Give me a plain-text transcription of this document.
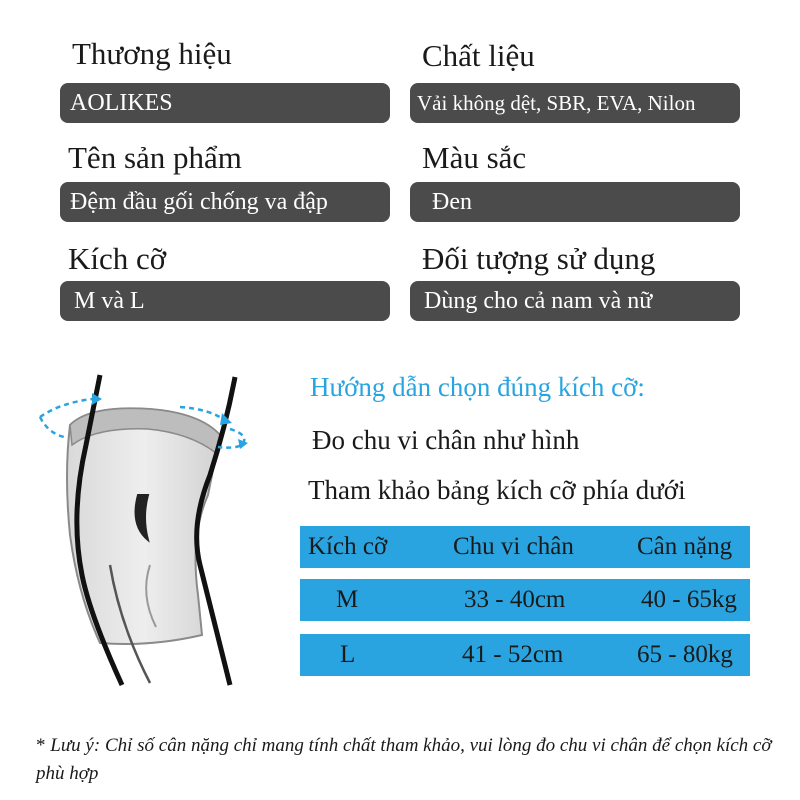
Thương hiệu
AOLIKES
Chất liệu
Vải không dệt, SBR, EVA, Nilon
Tên sản phẩm
Đệm đầu gối chống va đập
Màu sắc
Đen
Kích cỡ
M và L
Đối tượng sử dụng
Dùng cho cả nam và nữ
Hướng dẫn chọn đúng kích cỡ:
Đo chu vi chân như hình
Tham khảo bảng kích cỡ phía dưới
Kích cỡ	Chu vi chân	Cân nặng
M	33 - 40cm	40 - 65kg
L	41 - 52cm	65 - 80kg
* Lưu ý: Chỉ số cân nặng chỉ mang tính chất tham khảo, vui lòng đo chu vi chân để chọn kích cỡ phù hợp
